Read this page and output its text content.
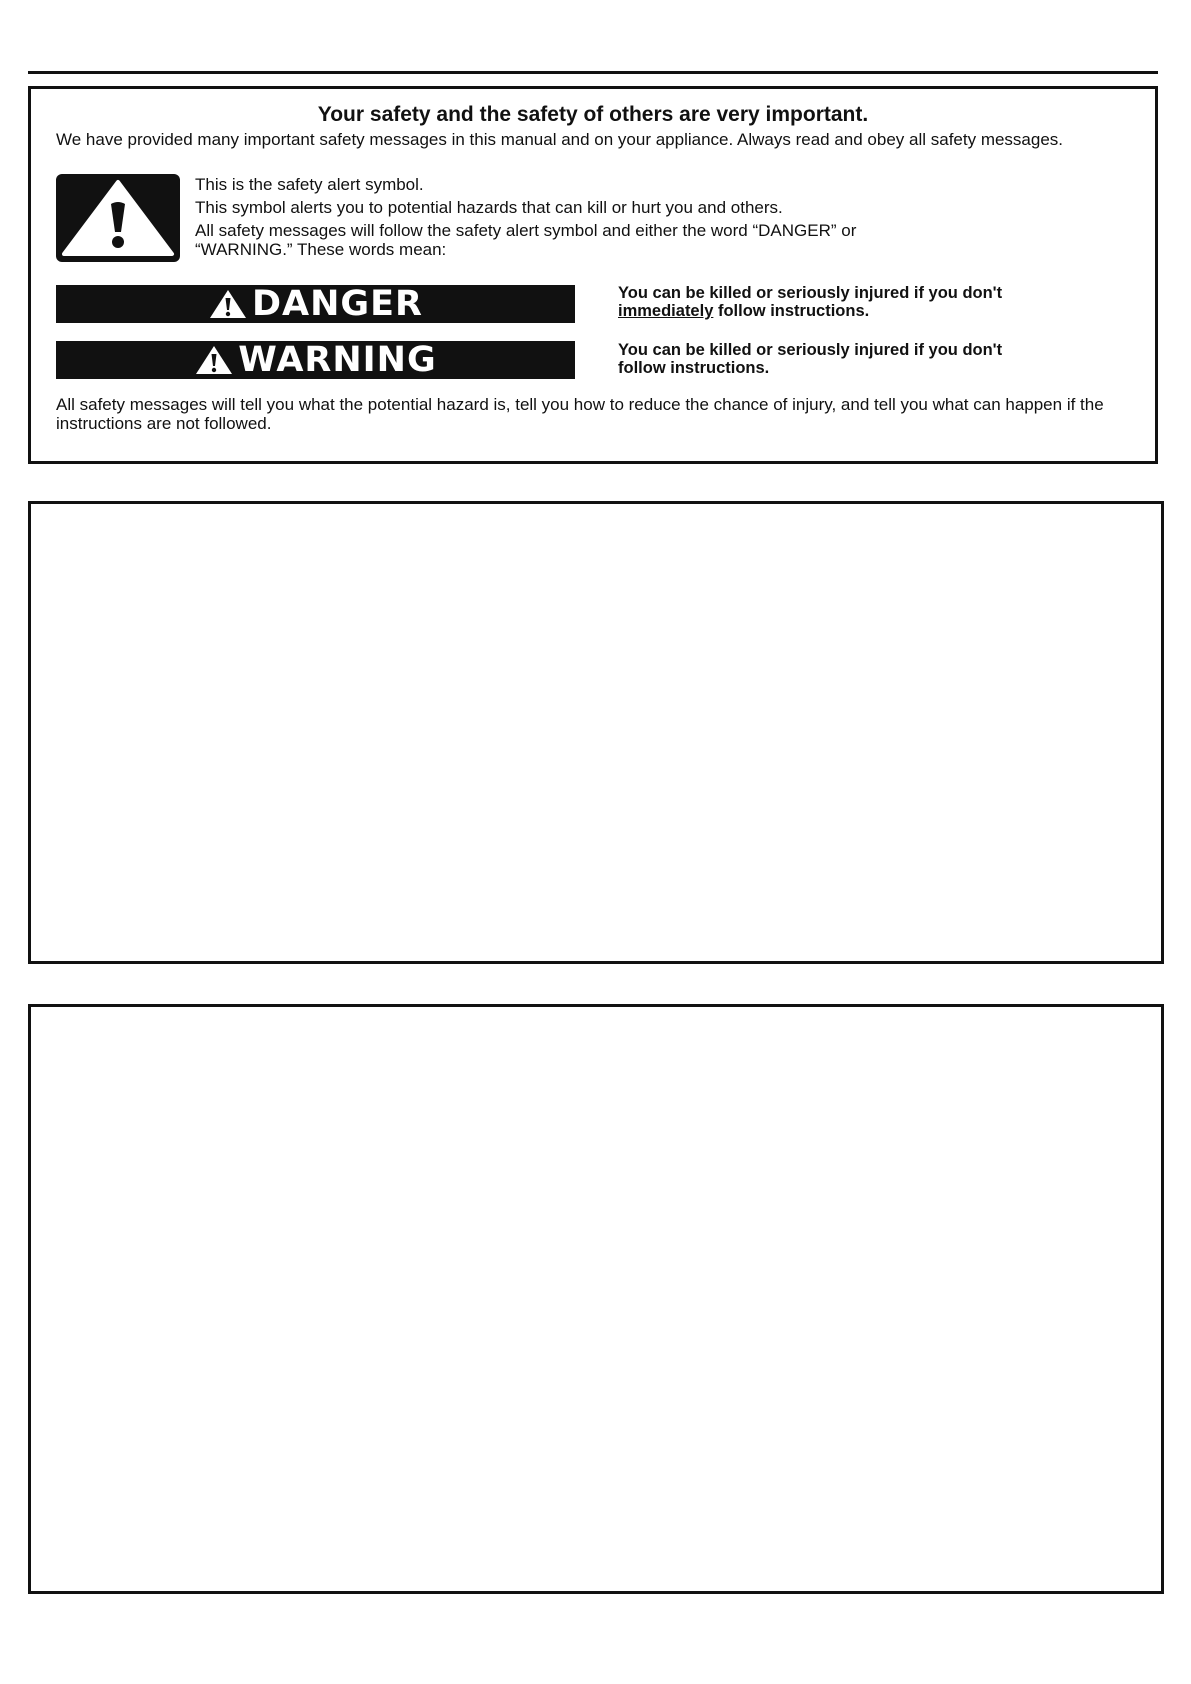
Your safety and the safety of others are very important.
We have provided many important safety messages in this manual and on your appliance. Always read and obey all safety messages.
This is the safety alert symbol.
This symbol alerts you to potential hazards that can kill or hurt you and others.
All safety messages will follow the safety alert symbol and either the word “DANGER” or
“WARNING.” These words mean:
DANGER	You can be killed or seriously injured if you don't
immediately follow instructions.
WARNING	You can be killed or seriously injured if you don't
follow instructions.
All safety messages will tell you what the potential hazard is, tell you how to reduce the chance of injury, and tell you what can happen if the instructions are not followed.
